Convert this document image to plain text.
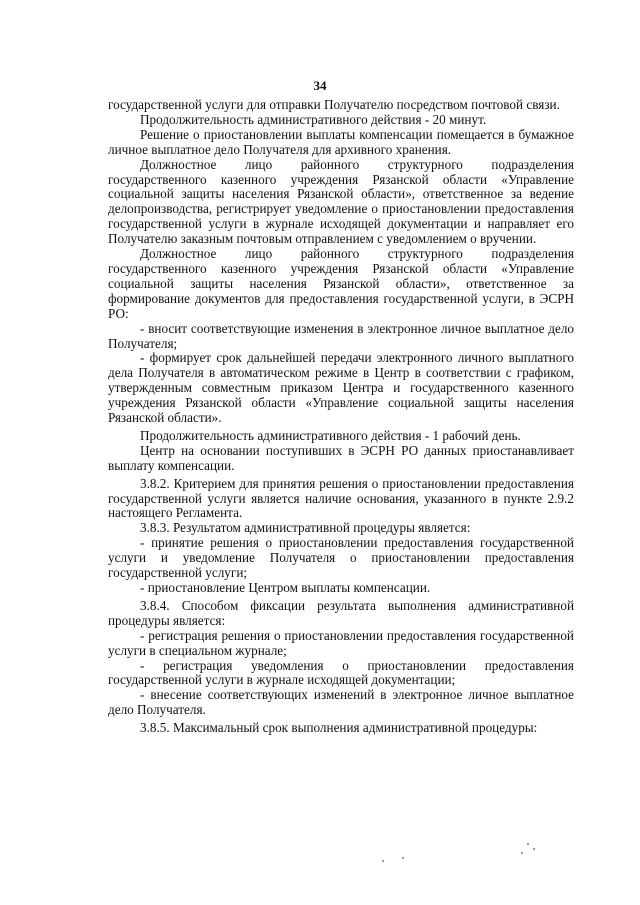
34

государственной услуги для отправки Получателю посредством почтовой связи.

Продолжительность административного действия - 20 минут.

Решение о приостановлении выплаты компенсации помещается в бумажное личное выплатное дело Получателя для архивного хранения.

Должностное лицо районного структурного подразделения государственного казенного учреждения Рязанской области «Управление социальной защиты населения Рязанской области», ответственное за ведение делопроизводства, регистрирует уведомление о приостановлении предоставления государственной услуги в журнале исходящей документации и направляет его Получателю заказным почтовым отправлением с уведомлением о вручении.

Должностное лицо районного структурного подразделения государственного казенного учреждения Рязанской области «Управление социальной защиты населения Рязанской области», ответственное за формирование документов для предоставления государственной услуги, в ЭСРН РО:

- вносит соответствующие изменения в электронное личное выплатное дело Получателя;

- формирует срок дальнейшей передачи электронного личного выплатного дела Получателя в автоматическом режиме в Центр в соответствии с графиком, утвержденным совместным приказом Центра и государственного казенного учреждения Рязанской области «Управление социальной защиты населения Рязанской области».

Продолжительность административного действия - 1 рабочий день.

Центр на основании поступивших в ЭСРН РО данных приостанавливает выплату компенсации.

3.8.2. Критерием для принятия решения о приостановлении предоставления государственной услуги является наличие основания, указанного в пункте 2.9.2 настоящего Регламента.

3.8.3. Результатом административной процедуры является:

- принятие решения о приостановлении предоставления государственной услуги и уведомление Получателя о приостановлении предоставления государственной услуги;

- приостановление Центром выплаты компенсации.

3.8.4. Способом фиксации результата выполнения административной процедуры является:

- регистрация решения о приостановлении предоставления государственной услуги в специальном журнале;

- регистрация уведомления о приостановлении предоставления государственной услуги в журнале исходящей документации;

- внесение соответствующих изменений в электронное личное выплатное дело Получателя.

3.8.5. Максимальный срок выполнения административной процедуры:
